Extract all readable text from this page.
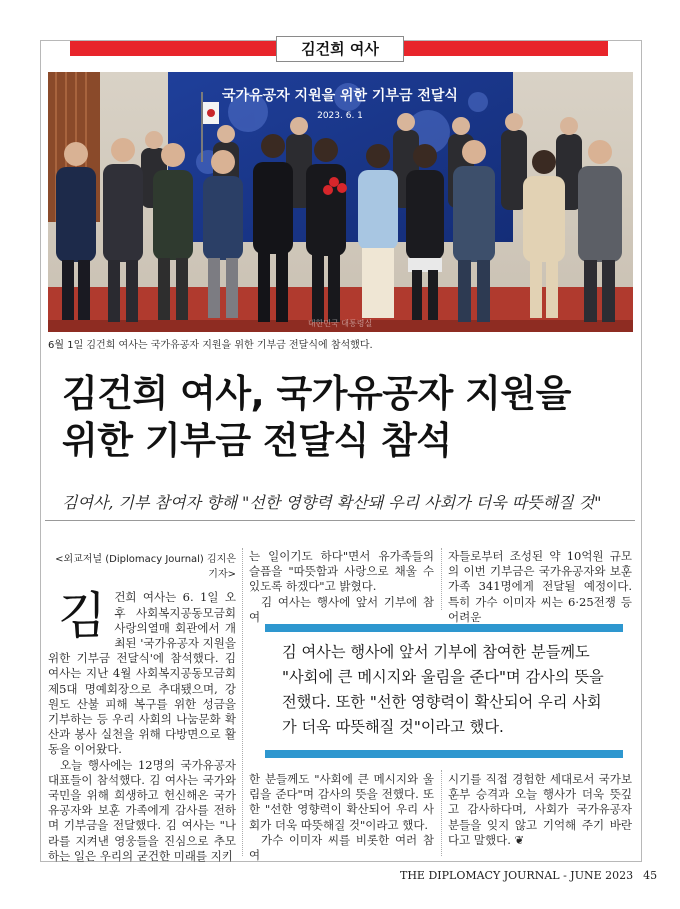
김건희 여사
국가유공자 지원을 위한 기부금 전달식
2023. 6. 1
대한민국 대통령실
6월 1일 김건희 여사는 국가유공자 지원을 위한 기부금 전달식에 참석했다.
김건희 여사, 국가유공자 지원을
위한 기부금 전달식 참석
김여사, 기부 참여자 향해 "선한 영향력 확산돼 우리 사회가 더욱 따뜻해질 것"
<외교저널 (Diplomacy Journal) 김지은 기자>
김 건희 여사는 6. 1일 오후 사회복지공동모금회 사랑의열매 회관에서 개최된 '국가유공자 지원을 위한 기부금 전달식'에 참석했다. 김 여사는 지난 4월 사회복지공동모금회 제5대 명예회장으로 추대됐으며, 강원도 산불 피해 복구를 위한 성금을 기부하는 등 우리 사회의 나눔문화 확산과 봉사 실천을 위해 다방면으로 활동을 이어왔다.

오늘 행사에는 12명의 국가유공자 대표들이 참석했다. 김 여사는 국가와 국민을 위해 희생하고 헌신해온 국가유공자와 보훈 가족에게 감사를 전하며 기부금을 전달했다. 김 여사는 "나라를 지켜낸 영웅들을 진심으로 추모하는 일은 우리의 굳건한 미래를 지키

는 일이기도 하다"면서 유가족들의 슬픔을 "따뜻함과 사랑으로 채울 수 있도록 하겠다"고 밝혔다.

김 여사는 행사에 앞서 기부에 참여

자들로부터 조성된 약 10억원 규모의 이번 기부금은 국가유공자와 보훈 가족 341명에게 전달될 예정이다. 특히 가수 이미자 씨는 6·25전쟁 등 어려운

김 여사는 행사에 앞서 기부에 참여한 분들께도 "사회에 큰 메시지와 울림을 준다"며 감사의 뜻을 전했다. 또한 "선한 영향력이 확산되어 우리 사회가 더욱 따뜻해질 것"이라고 했다.

한 분들께도 "사회에 큰 메시지와 울림을 준다"며 감사의 뜻을 전했다. 또한 "선한 영향력이 확산되어 우리 사회가 더욱 따뜻해질 것"이라고 했다.

가수 이미자 씨를 비롯한 여러 참여

시기를 직접 경험한 세대로서 국가보훈부 승격과 오늘 행사가 더욱 뜻깊고 감사하다며, 사회가 국가유공자 분들을 잊지 않고 기억해 주기 바란다고 말했다. ❦

THE DIPLOMACY JOURNAL - JUNE 2023 45
